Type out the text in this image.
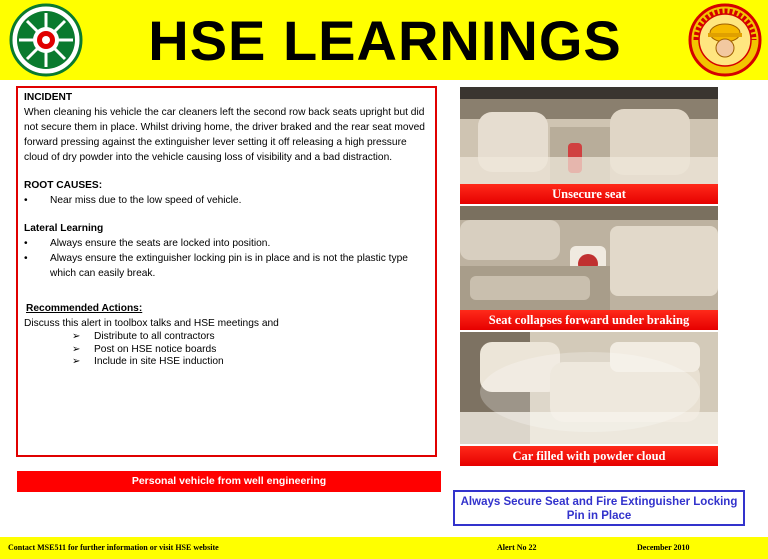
HSE LEARNINGS

INCIDENT

When cleaning his vehicle the car cleaners left the second row back seats upright but did not secure them in place. Whilst driving home, the driver braked and the rear seat moved forward pressing against the extinguisher lever setting it off releasing a high pressure cloud of dry powder into the vehicle causing loss of visibility and a bad distraction.

ROOT CAUSES:

• Near miss due to the low speed of vehicle.

Lateral Learning

• Always ensure the seats are locked into position.
• Always ensure the extinguisher locking pin is in place and is not the plastic type which can easily break.

Recommended Actions:

Discuss this alert in toolbox talks and HSE meetings and

➢ Distribute to all contractors
➢ Post on HSE notice boards
➢ Include in site HSE induction
Personal vehicle from well engineering
Unsecure seat
Seat collapses forward under braking
Car filled with powder cloud
Always Secure Seat and Fire Extinguisher Locking Pin in Place
Contact MSE511 for further information or visit HSE website	Alert No 22	December 2010
